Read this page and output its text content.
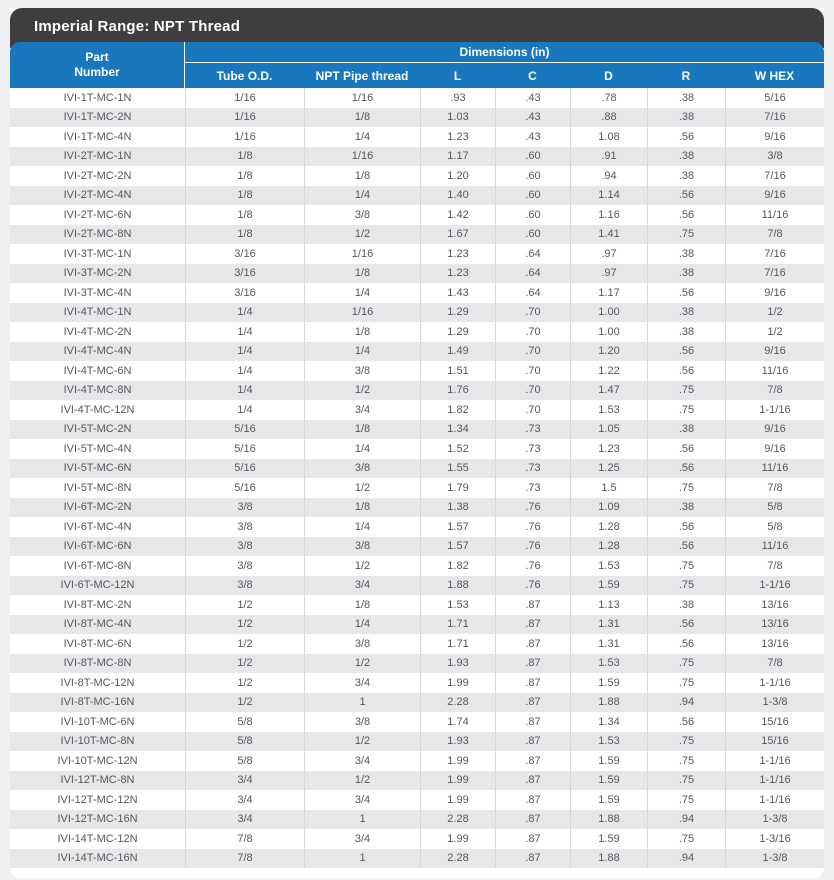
Imperial Range: NPT Thread
Part
Number	Dimensions (in)						
	Tube O.D.	NPT Pipe thread	L	C	D	R	W HEX
IVI-1T-MC-1N	1/16	1/16	.93	.43	.78	.38	5/16
IVI-1T-MC-2N	1/16	1/8	1.03	.43	.88	.38	7/16
IVI-1T-MC-4N	1/16	1/4	1.23	.43	1.08	.56	9/16
IVI-2T-MC-1N	1/8	1/16	1.17	.60	.91	.38	3/8
IVI-2T-MC-2N	1/8	1/8	1.20	.60	.94	.38	7/16
IVI-2T-MC-4N	1/8	1/4	1.40	.60	1.14	.56	9/16
IVI-2T-MC-6N	1/8	3/8	1.42	.60	1.16	.56	11/16
IVI-2T-MC-8N	1/8	1/2	1.67	.60	1.41	.75	7/8
IVI-3T-MC-1N	3/16	1/16	1.23	.64	.97	.38	7/16
IVI-3T-MC-2N	3/16	1/8	1.23	.64	.97	.38	7/16
IVI-3T-MC-4N	3/16	1/4	1.43	.64	1.17	.56	9/16
IVI-4T-MC-1N	1/4	1/16	1.29	.70	1.00	.38	1/2
IVI-4T-MC-2N	1/4	1/8	1.29	.70	1.00	.38	1/2
IVI-4T-MC-4N	1/4	1/4	1.49	.70	1.20	.56	9/16
IVI-4T-MC-6N	1/4	3/8	1.51	.70	1.22	.56	11/16
IVI-4T-MC-8N	1/4	1/2	1.76	.70	1.47	.75	7/8
IVI-4T-MC-12N	1/4	3/4	1.82	.70	1.53	.75	1-1/16
IVI-5T-MC-2N	5/16	1/8	1.34	.73	1.05	.38	9/16
IVI-5T-MC-4N	5/16	1/4	1.52	.73	1.23	.56	9/16
IVI-5T-MC-6N	5/16	3/8	1.55	.73	1.25	.56	11/16
IVI-5T-MC-8N	5/16	1/2	1.79	.73	1.5	.75	7/8
IVI-6T-MC-2N	3/8	1/8	1.38	.76	1.09	.38	5/8
IVI-6T-MC-4N	3/8	1/4	1.57	.76	1.28	.56	5/8
IVI-6T-MC-6N	3/8	3/8	1.57	.76	1.28	.56	11/16
IVI-6T-MC-8N	3/8	1/2	1.82	.76	1.53	.75	7/8
IVI-6T-MC-12N	3/8	3/4	1.88	.76	1.59	.75	1-1/16
IVI-8T-MC-2N	1/2	1/8	1.53	.87	1.13	.38	13/16
IVI-8T-MC-4N	1/2	1/4	1.71	.87	1.31	.56	13/16
IVI-8T-MC-6N	1/2	3/8	1.71	.87	1.31	.56	13/16
IVI-8T-MC-8N	1/2	1/2	1.93	.87	1.53	.75	7/8
IVI-8T-MC-12N	1/2	3/4	1.99	.87	1.59	.75	1-1/16
IVI-8T-MC-16N	1/2	1	2.28	.87	1.88	.94	1-3/8
IVI-10T-MC-6N	5/8	3/8	1.74	.87	1.34	.56	15/16
IVI-10T-MC-8N	5/8	1/2	1.93	.87	1.53	.75	15/16
IVI-10T-MC-12N	5/8	3/4	1.99	.87	1.59	.75	1-1/16
IVI-12T-MC-8N	3/4	1/2	1.99	.87	1.59	.75	1-1/16
IVI-12T-MC-12N	3/4	3/4	1.99	.87	1.59	.75	1-1/16
IVI-12T-MC-16N	3/4	1	2.28	.87	1.88	.94	1-3/8
IVI-14T-MC-12N	7/8	3/4	1.99	.87	1.59	.75	1-3/16
IVI-14T-MC-16N	7/8	1	2.28	.87	1.88	.94	1-3/8
